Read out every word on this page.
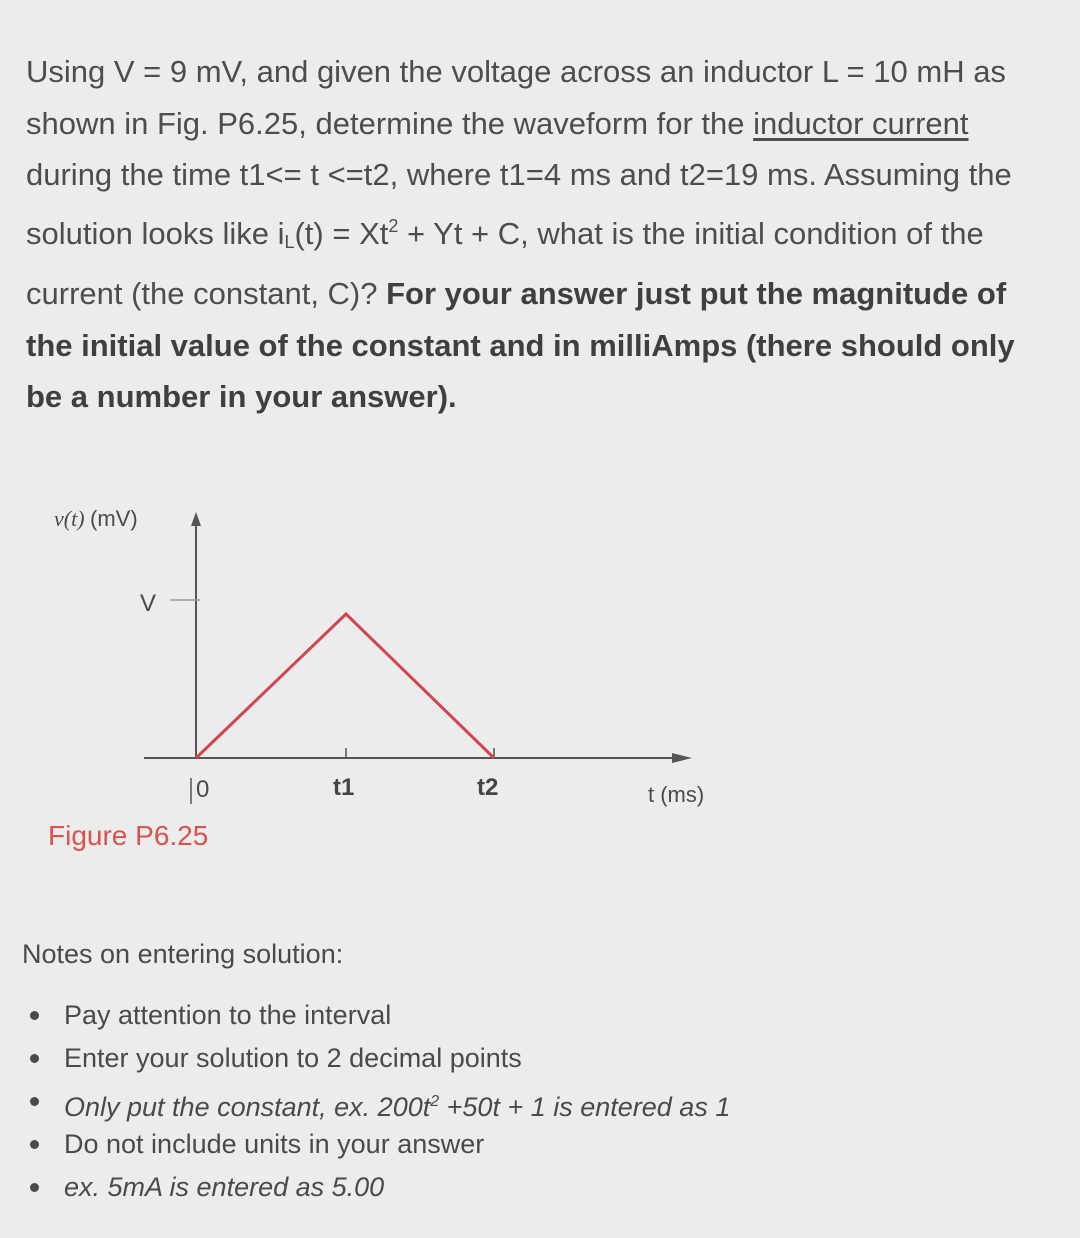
Using V = 9 mV, and given the voltage across an inductor L = 10 mH as shown in Fig. P6.25, determine the waveform for the inductor current during the time t1<= t <=t2, where t1=4 ms and t2=19 ms. Assuming the solution looks like $i_L(t) = Xt^2 + Yt + C$, what is the initial condition of the current (the constant, C)? For your answer just put the magnitude of the initial value of the constant and in milliAmps (there should only be a number in your answer).
v(t) (mV)
V
0	t1	t2	t (ms)
Figure P6.25
Notes on entering solution:
Pay attention to the interval
Enter your solution to 2 decimal points
Only put the constant, ex. $200t^2 +50t + 1$ is entered as 1
Do not include units in your answer
ex. 5mA is entered as 5.00
